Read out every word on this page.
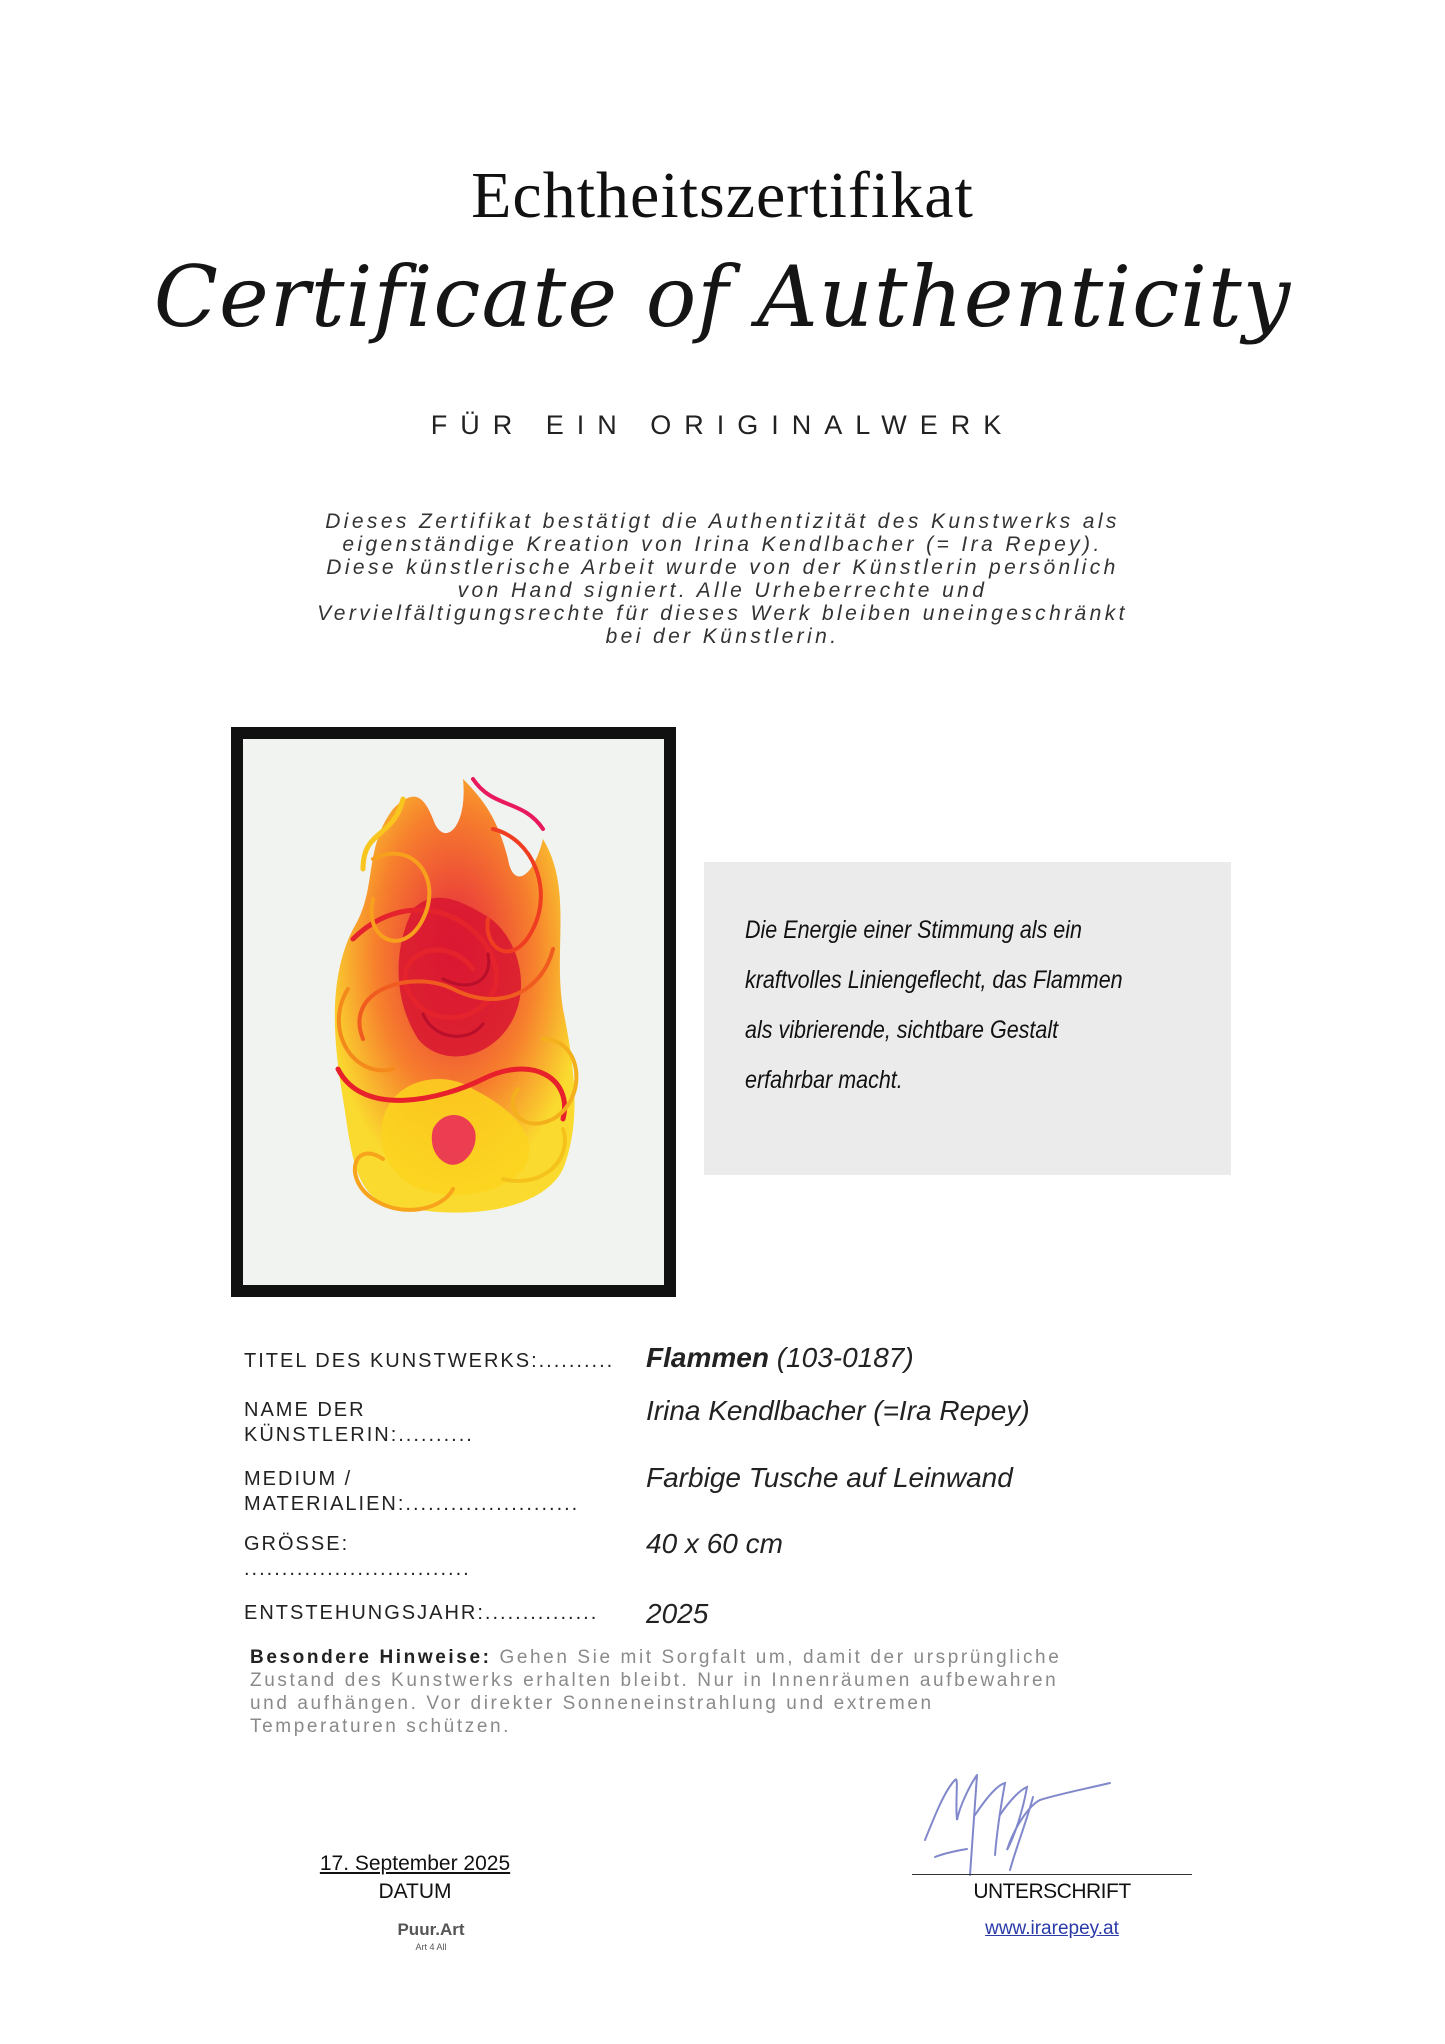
Echtheitszertifikat
Certificate of Authenticity
FÜR EIN ORIGINALWERK
Dieses Zertifikat bestätigt die Authentizität des Kunstwerks als
eigenständige Kreation von Irina Kendlbacher (= Ira Repey).
Diese künstlerische Arbeit wurde von der Künstlerin persönlich
von Hand signiert. Alle Urheberrechte und
Vervielfältigungsrechte für dieses Werk bleiben uneingeschränkt
bei der Künstlerin.
Die Energie einer Stimmung als ein
kraftvolles Liniengeflecht, das Flammen
als vibrierende, sichtbare Gestalt
erfahrbar macht.
TITEL DES KUNSTWERKS:..........	Flammen (103-0187)
NAME DER
KÜNSTLERIN:..........
Irina Kendlbacher (=Ira Repey)
MEDIUM /
MATERIALIEN:.......................
Farbige Tusche auf Leinwand
GRÖSSE:
..............................
40 x 60 cm
ENTSTEHUNGSJAHR:...............	2025
Besondere Hinweise: Gehen Sie mit Sorgfalt um, damit der ursprüngliche
Zustand des Kunstwerks erhalten bleibt. Nur in Innenräumen aufbewahren
und aufhängen. Vor direkter Sonneneinstrahlung und extremen
Temperaturen schützen.
17. September 2025
DATUM
Puur.Art
Art 4 All
UNTERSCHRIFT
www.irarepey.at
